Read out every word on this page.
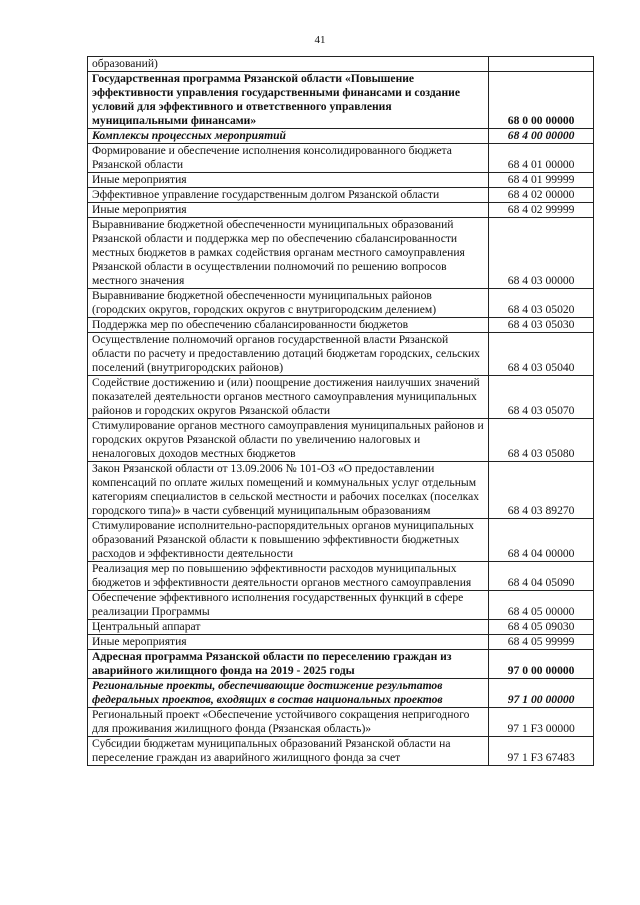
41
образований)	
Государственная программа Рязанской области «Повышение эффективности управления государственными финансами и создание условий для эффективного и ответственного управления муниципальными финансами»	68 0 00 00000
Комплексы процессных мероприятий	68 4 00 00000
Формирование и обеспечение исполнения консолидированного бюджета Рязанской области	68 4 01 00000
Иные мероприятия	68 4 01 99999
Эффективное управление государственным долгом Рязанской области	68 4 02 00000
Иные мероприятия	68 4 02 99999
Выравнивание бюджетной обеспеченности муниципальных образований Рязанской области и поддержка мер по обеспечению сбалансированности местных бюджетов в рамках содействия органам местного самоуправления Рязанской области в осуществлении полномочий по решению вопросов местного значения	68 4 03 00000
Выравнивание бюджетной обеспеченности муниципальных районов (городских округов, городских округов с внутригородским делением)	68 4 03 05020
Поддержка мер по обеспечению сбалансированности бюджетов	68 4 03 05030
Осуществление полномочий органов государственной власти Рязанской области по расчету и предоставлению дотаций бюджетам городских, сельских поселений (внутригородских районов)	68 4 03 05040
Содействие достижению и (или) поощрение достижения наилучших значений показателей деятельности органов местного самоуправления муниципальных районов и городских округов Рязанской области	68 4 03 05070
Стимулирование органов местного самоуправления муниципальных районов и городских округов Рязанской области по увеличению налоговых и неналоговых доходов местных бюджетов	68 4 03 05080
Закон Рязанской области от 13.09.2006 № 101-ОЗ «О предоставлении компенсаций по оплате жилых помещений и коммунальных услуг отдельным категориям специалистов в сельской местности и рабочих поселках (поселках городского типа)» в части субвенций муниципальным образованиям	68 4 03 89270
Стимулирование исполнительно-распорядительных органов муниципальных образований Рязанской области к повышению эффективности бюджетных расходов и эффективности деятельности	68 4 04 00000
Реализация мер по повышению эффективности расходов муниципальных бюджетов и эффективности деятельности органов местного самоуправления	68 4 04 05090
Обеспечение эффективного исполнения государственных функций в сфере реализации Программы	68 4 05 00000
Центральный аппарат	68 4 05 09030
Иные мероприятия	68 4 05 99999
Адресная программа Рязанской области по переселению граждан из аварийного жилищного фонда на 2019 - 2025 годы	97 0 00 00000
Региональные проекты, обеспечивающие достижение результатов федеральных проектов, входящих в состав национальных проектов	97 1 00 00000
Региональный проект «Обеспечение устойчивого сокращения непригодного для проживания жилищного фонда (Рязанская область)»	97 1 F3 00000
Субсидии бюджетам муниципальных образований Рязанской области на переселение граждан из аварийного жилищного фонда за счет	97 1 F3 67483
